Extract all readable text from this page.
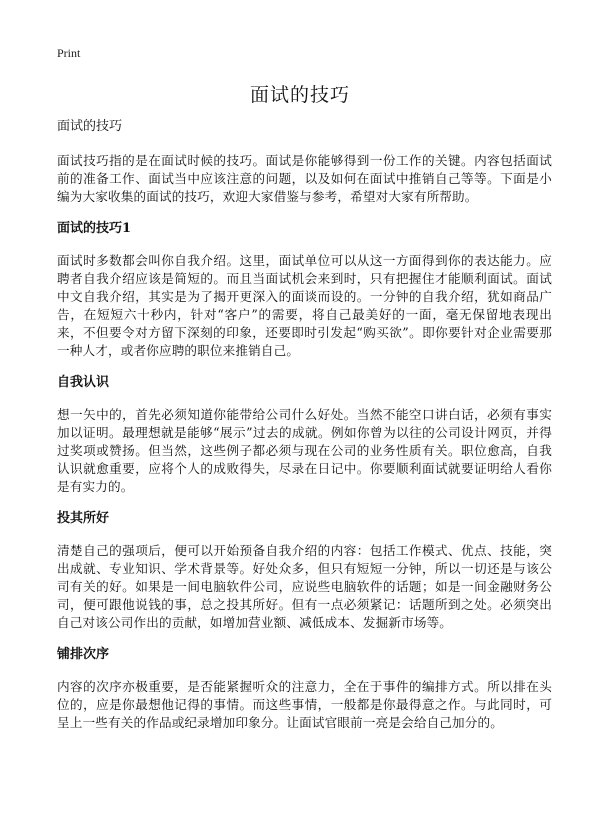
Print
面试的技巧
面试的技巧

面试技巧指的是在面试时候的技巧。面试是你能够得到一份工作的关键。内容包括面试前的准备工作、面试当中应该注意的问题，以及如何在面试中推销自己等等。下面是小编为大家收集的面试的技巧，欢迎大家借鉴与参考，希望对大家有所帮助。

面试的技巧1

面试时多数都会叫你自我介绍。这里，面试单位可以从这一方面得到你的表达能力。应聘者自我介绍应该是简短的。而且当面试机会来到时，只有把握住才能顺利面试。面试中文自我介绍，其实是为了揭开更深入的面谈而设的。一分钟的自我介绍，犹如商品广告，在短短六十秒内，针对“客户”的需要，将自己最美好的一面，毫无保留地表现出来，不但要令对方留下深刻的印象，还要即时引发起“购买欲”。即你要针对企业需要那一种人才，或者你应聘的职位来推销自己。

自我认识

想一矢中的，首先必须知道你能带给公司什么好处。当然不能空口讲白话，必须有事实加以证明。最理想就是能够“展示”过去的成就。例如你曾为以往的公司设计网页，并得过奖项或赞扬。但当然，这些例子都必须与现在公司的业务性质有关。职位愈高，自我认识就愈重要，应将个人的成败得失，尽录在日记中。你要顺利面试就要证明给人看你是有实力的。

投其所好

清楚自己的强项后，便可以开始预备自我介绍的内容：包括工作模式、优点、技能，突出成就、专业知识、学术背景等。好处众多，但只有短短一分钟，所以一切还是与该公司有关的好。如果是一间电脑软件公司，应说些电脑软件的话题；如是一间金融财务公司，便可跟他说钱的事，总之投其所好。但有一点必须紧记：话题所到之处。必须突出自己对该公司作出的贡献，如增加营业额、减低成本、发掘新市场等。

铺排次序

内容的次序亦极重要，是否能紧握听众的注意力，全在于事件的编排方式。所以排在头位的，应是你最想他记得的事情。而这些事情，一般都是你最得意之作。与此同时，可呈上一些有关的作品或纪录增加印象分。让面试官眼前一亮是会给自己加分的。
